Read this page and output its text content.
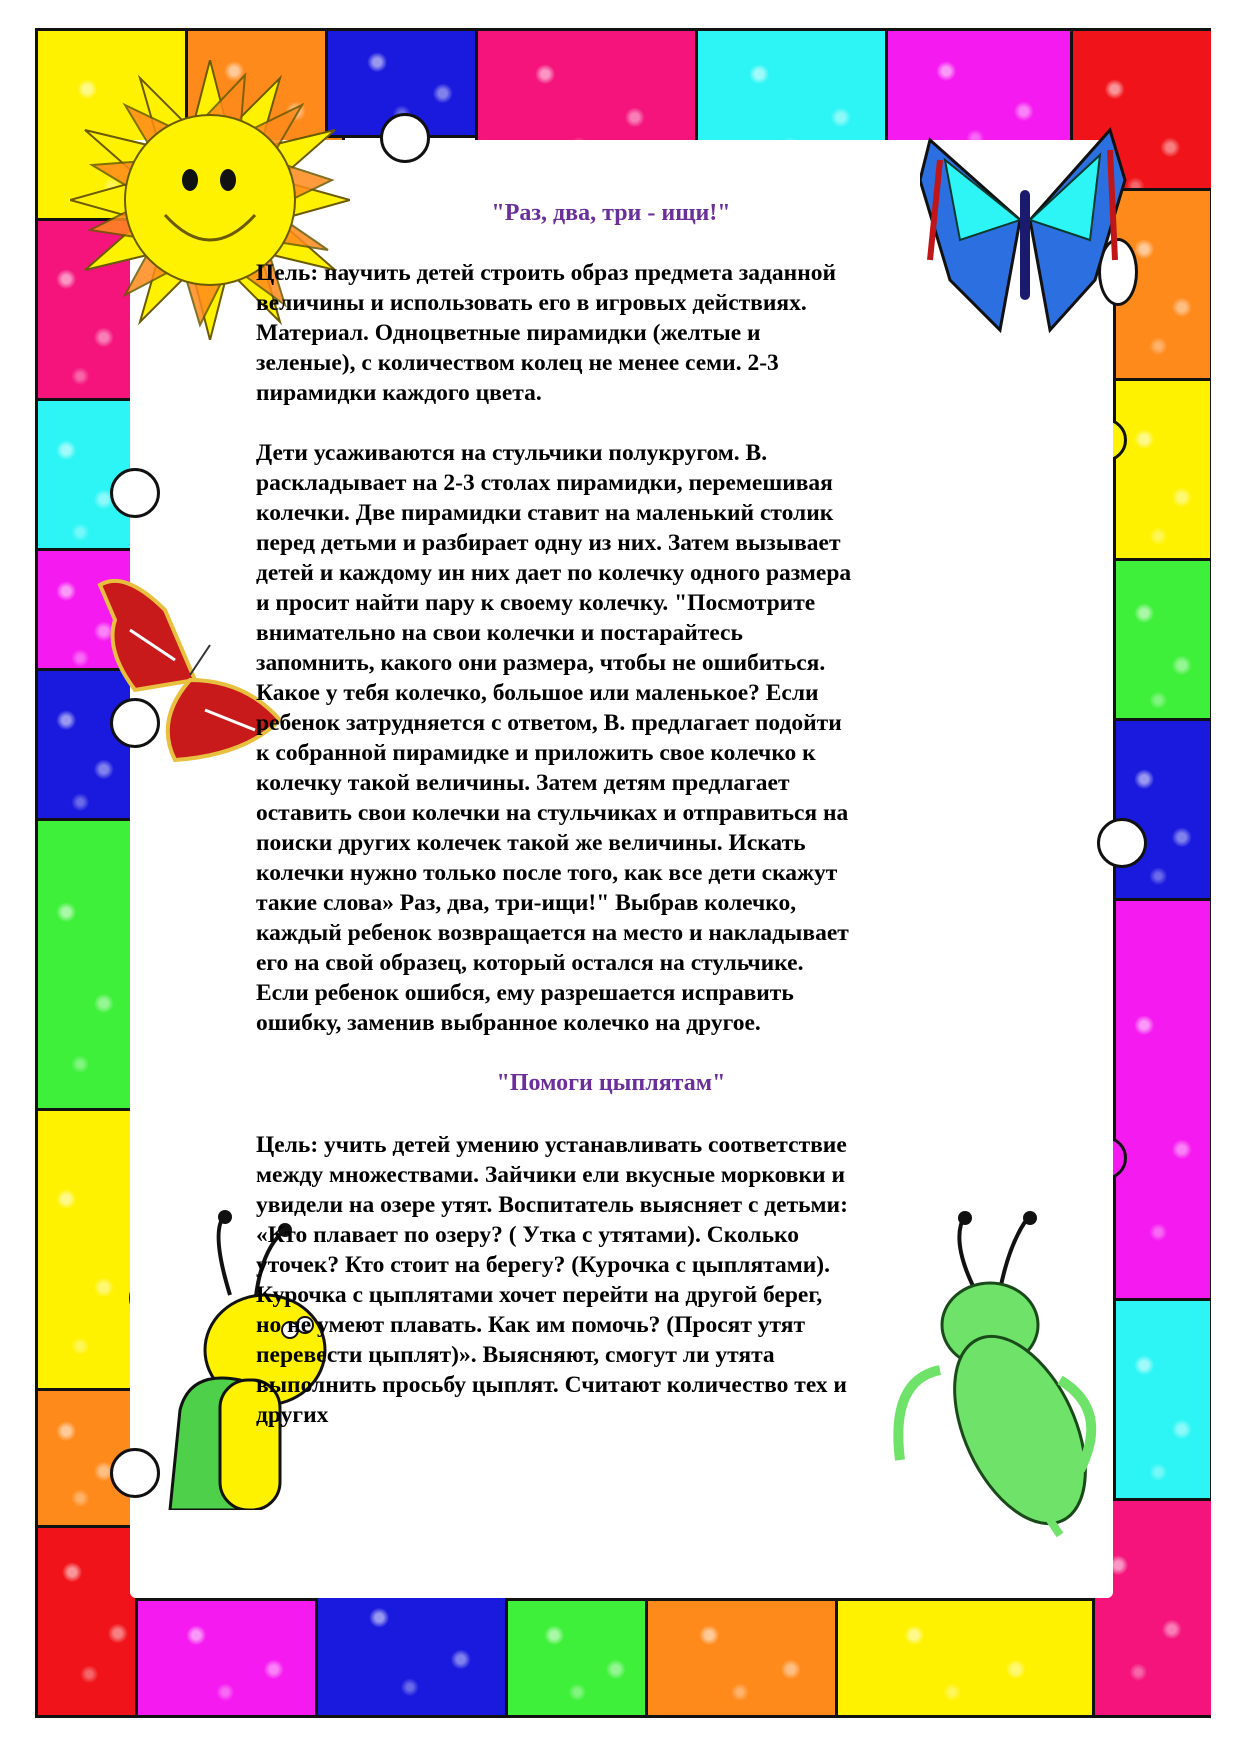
"Раз, два, три - ищи!"
Цель: научить детей строить образ предмета заданной
величины и использовать его в игровых действиях.
Материал. Одноцветные пирамидки (желтые и
зеленые), с количеством колец не менее семи. 2-3
пирамидки каждого цвета.
Дети усаживаются на стульчики полукругом. В.
раскладывает на 2-3 столах пирамидки, перемешивая
колечки. Две пирамидки ставит на маленький столик
перед детьми и разбирает одну из них. Затем вызывает
детей и каждому ин них дает по колечку одного размера
и просит найти пару к своему колечку. "Посмотрите
внимательно на свои колечки и постарайтесь
запомнить, какого они размера, чтобы не ошибиться.
Какое у тебя колечко, большое или маленькое? Если
ребенок затрудняется с ответом, В. предлагает подойти
к собранной пирамидке и приложить свое колечко к
колечку такой величины. Затем детям предлагает
оставить свои колечки на стульчиках и отправиться на
поиски других колечек такой же величины. Искать
колечки нужно только после того, как все дети скажут
такие слова» Раз, два, три-ищи!" Выбрав колечко,
каждый ребенок возвращается на место и накладывает
его на свой образец, который остался на стульчике.
Если ребенок ошибся, ему разрешается исправить
ошибку, заменив выбранное колечко на другое.
"Помоги цыплятам"
Цель: учить детей умению устанавливать соответствие
между множествами. Зайчики ели вкусные морковки и
увидели на озере утят. Воспитатель выясняет с детьми:
«Кто плавает по озеру? ( Утка с утятами). Сколько
уточек? Кто стоит на берегу? (Курочка с цыплятами).
Курочка с цыплятами хочет перейти на другой берег,
но не умеют плавать. Как им помочь? (Просят утят
перевести цыплят)». Выясняют, смогут ли утята
выполнить просьбу цыплят. Считают количество тех и
других
